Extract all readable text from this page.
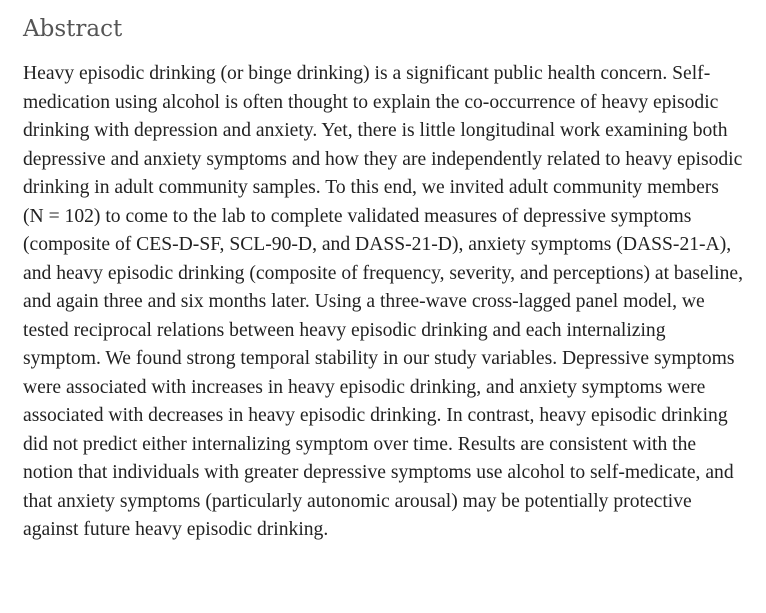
Abstract

Heavy episodic drinking (or binge drinking) is a significant public health concern. Self-medication using alcohol is often thought to explain the co-occurrence of heavy episodic drinking with depression and anxiety. Yet, there is little longitudinal work examining both depressive and anxiety symptoms and how they are independently related to heavy episodic drinking in adult community samples. To this end, we invited adult community members (N = 102) to come to the lab to complete validated measures of depressive symptoms (composite of CES-D-SF, SCL-90-D, and DASS-21-D), anxiety symptoms (DASS-21-A), and heavy episodic drinking (composite of frequency, severity, and perceptions) at baseline, and again three and six months later. Using a three-wave cross-lagged panel model, we tested reciprocal relations between heavy episodic drinking and each internalizing symptom. We found strong temporal stability in our study variables. Depressive symptoms were associated with increases in heavy episodic drinking, and anxiety symptoms were associated with decreases in heavy episodic drinking. In contrast, heavy episodic drinking did not predict either internalizing symptom over time. Results are consistent with the notion that individuals with greater depressive symptoms use alcohol to self-medicate, and that anxiety symptoms (particularly autonomic arousal) may be potentially protective against future heavy episodic drinking.
